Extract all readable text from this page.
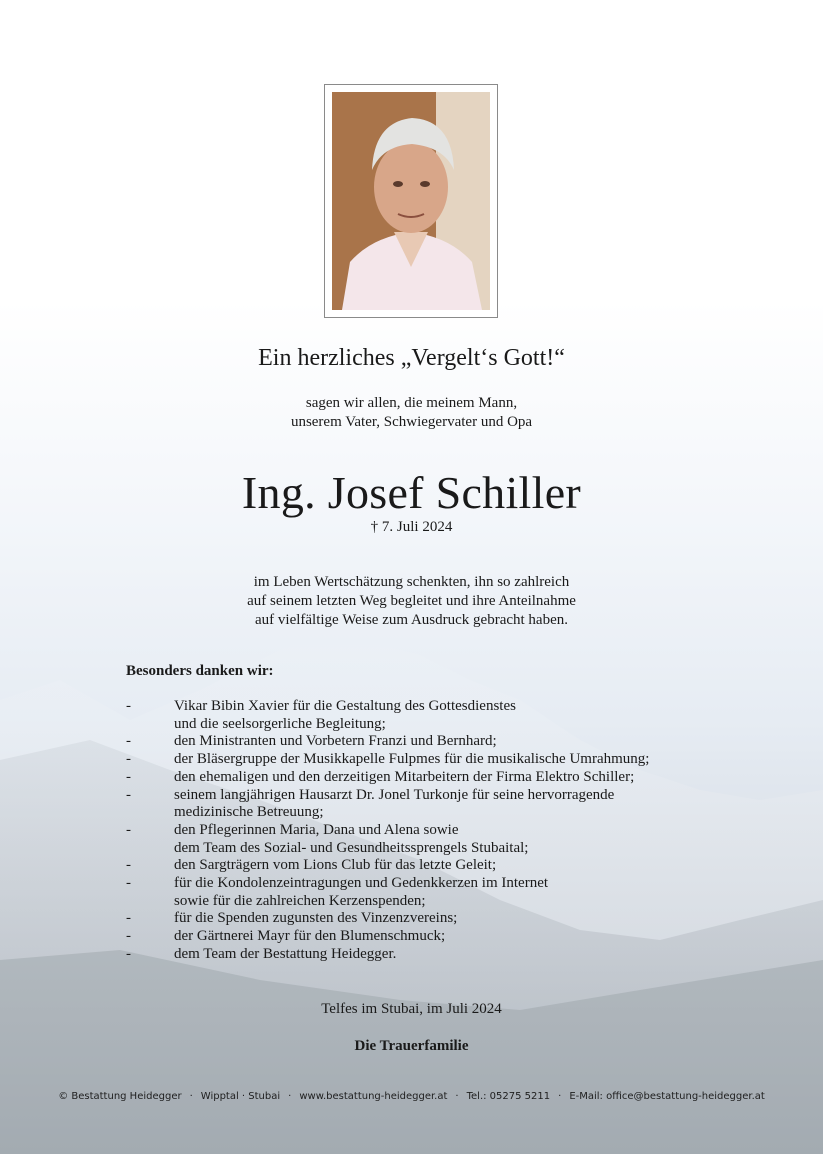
Ein herzliches „Vergelt‘s Gott!“
sagen wir allen, die meinem Mann,
unserem Vater, Schwiegervater und Opa
Ing. Josef Schiller
† 7. Juli 2024
im Leben Wertschätzung schenkten, ihn so zahlreich
auf seinem letzten Weg begleitet und ihre Anteilnahme
auf vielfältige Weise zum Ausdruck gebracht haben.
Besonders danken wir:
-	Vikar Bibin Xavier für die Gestaltung des Gottesdienstes
und die seelsorgerliche Begleitung;
-	den Ministranten und Vorbetern Franzi und Bernhard;
-	der Bläsergruppe der Musikkapelle Fulpmes für die musikalische Umrahmung;
-	den ehemaligen und den derzeitigen Mitarbeitern der Firma Elektro Schiller;
-	seinem langjährigen Hausarzt Dr. Jonel Turkonje für seine hervorragende
medizinische Betreuung;
-	den Pflegerinnen Maria, Dana und Alena sowie
dem Team des Sozial- und Gesundheitssprengels Stubaital;
-	den Sargträgern vom Lions Club für das letzte Geleit;
-	für die Kondolenzeintragungen und Gedenkkerzen im Internet
sowie für die zahlreichen Kerzenspenden;
-	für die Spenden zugunsten des Vinzenzvereins;
-	der Gärtnerei Mayr für den Blumenschmuck;
-	dem Team der Bestattung Heidegger.
Telfes im Stubai, im Juli 2024
Die Trauerfamilie
© Bestattung Heidegger · Wipptal · Stubai · www.bestattung-heidegger.at · Tel.: 05275 5211 · E-Mail: office@bestattung-heidegger.at
